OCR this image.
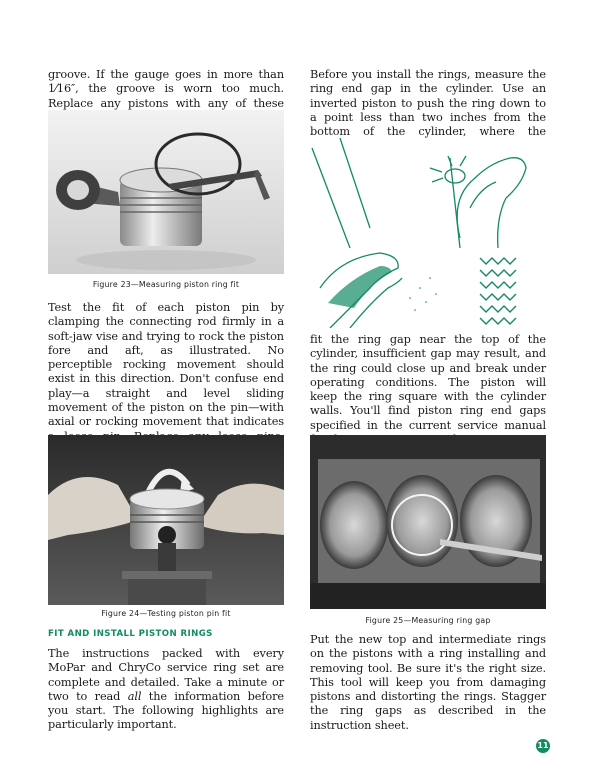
groove. If the gauge goes in more than 1⁄16″, the groove is worn too much. Replace any pistons with any of these

Figure 23—Measuring piston ring fit

Test the fit of each piston pin by clamping the connecting rod firmly in a soft-jaw vise and trying to rock the piston fore and aft, as illustrated. No perceptible rocking movement should exist in this direction. Don't confuse end play—a straight and level sliding movement of the piston on the pin—with axial or rocking movement that indicates

Figure 24—Testing piston pin fit
FIT AND INSTALL PISTON RINGS

The instructions packed with every MoPar and ChryCo service ring set are complete and detailed. Take a minute or two to read all the information before you start. The following highlights are particularly important.

Before you install the rings, measure the ring end gap in the cylinder. Use an inverted piston to push the ring down to a point less than two inches from the bottom of the cylinder, where the

fit the ring gap near the top of the cylinder, insufficient gap may result, and the ring could close up and break under operating conditions. The piston will keep the ring square with the cylinder walls. You'll find piston ring end gaps specified in the current service manual

Figure 25—Measuring ring gap

Put the new top and intermediate rings on the pistons with a ring installing and removing tool. Be sure it's the right size. This tool will keep you from damaging pistons and distorting the rings. Stagger the ring gaps as described in the instruction sheet.

11
